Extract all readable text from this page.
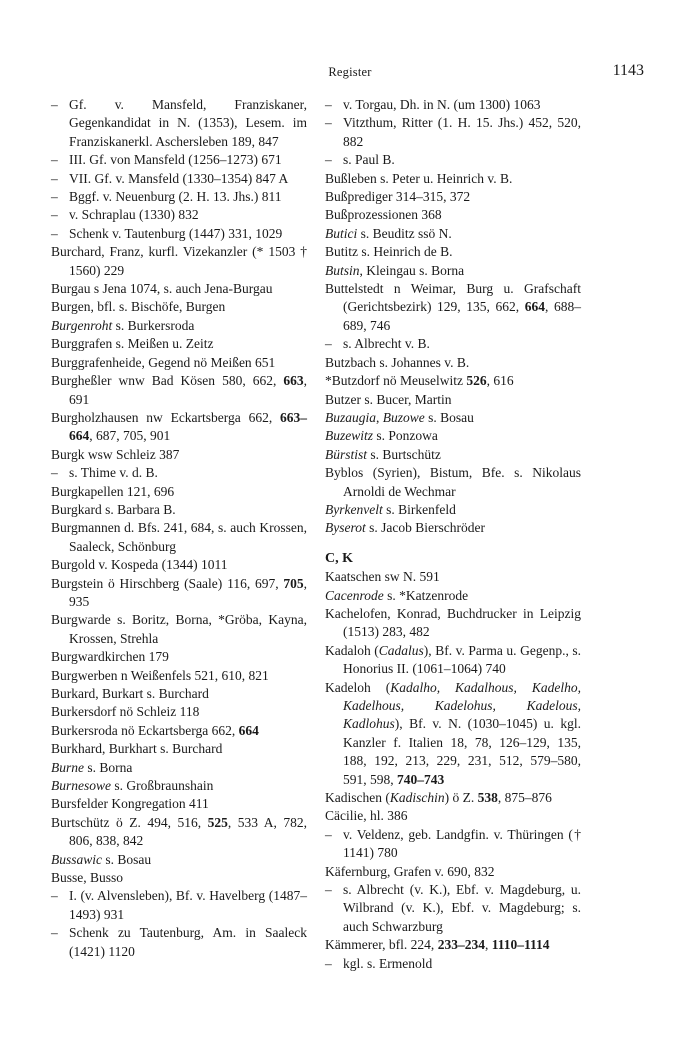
Register	1143
– Gf. v. Mansfeld, Franziskaner, Gegenkandidat in N. (1353), Lesem. im Franziskanerkl. Aschersleben 189, 847
– III. Gf. von Mansfeld (1256–1273) 671
– VII. Gf. v. Mansfeld (1330–1354) 847 A
– Bggf. v. Neuenburg (2. H. 13. Jhs.) 811
– v. Schraplau (1330) 832
– Schenk v. Tautenburg (1447) 331, 1029
Burchard, Franz, kurfl. Vizekanzler (* 1503 † 1560) 229
Burgau s Jena 1074, s. auch Jena-Burgau
Burgen, bfl. s. Bischöfe, Burgen
Burgenroht s. Burkersroda
Burggrafen s. Meißen u. Zeitz
Burggrafenheide, Gegend nö Meißen 651
Burgheßler wnw Bad Kösen 580, 662, 663, 691
Burgholzhausen nw Eckartsberga 662, 663–664, 687, 705, 901
Burgk wsw Schleiz 387
– s. Thime v. d. B.
Burgkapellen 121, 696
Burgkard s. Barbara B.
Burgmannen d. Bfs. 241, 684, s. auch Krossen, Saaleck, Schönburg
Burgold v. Kospeda (1344) 1011
Burgstein ö Hirschberg (Saale) 116, 697, 705, 935
Burgwarde s. Boritz, Borna, *Gröba, Kayna, Krossen, Strehla
Burgwardkirchen 179
Burgwerben n Weißenfels 521, 610, 821
Burkard, Burkart s. Burchard
Burkersdorf nö Schleiz 118
Burkersroda nö Eckartsberga 662, 664
Burkhard, Burkhart s. Burchard
Burne s. Borna
Burnesowe s. Großbraunshain
Bursfelder Kongregation 411
Burtschütz ö Z. 494, 516, 525, 533 A, 782, 806, 838, 842
Bussawic s. Bosau
Busse, Busso
– I. (v. Alvensleben), Bf. v. Havelberg (1487–1493) 931
– Schenk zu Tautenburg, Am. in Saaleck (1421) 1120
– v. Torgau, Dh. in N. (um 1300) 1063
– Vitzthum, Ritter (1. H. 15. Jhs.) 452, 520, 882
– s. Paul B.
Bußleben s. Peter u. Heinrich v. B.
Bußprediger 314–315, 372
Bußprozessionen 368
Butici s. Beuditz ssö N.
Butitz s. Heinrich de B.
Butsin, Kleingau s. Borna
Buttelstedt n Weimar, Burg u. Grafschaft (Gerichtsbezirk) 129, 135, 662, 664, 688–689, 746
– s. Albrecht v. B.
Butzbach s. Johannes v. B.
*Butzdorf nö Meuselwitz 526, 616
Butzer s. Bucer, Martin
Buzaugia, Buzowe s. Bosau
Buzewitz s. Ponzowa
Bürstist s. Burtschütz
Byblos (Syrien), Bistum, Bfe. s. Nikolaus Arnoldi de Wechmar
Byrkenvelt s. Birkenfeld
Byserot s. Jacob Bierschröder
C, K
Kaatschen sw N. 591
Cacenrode s. *Katzenrode
Kachelofen, Konrad, Buchdrucker in Leipzig (1513) 283, 482
Kadaloh (Cadalus), Bf. v. Parma u. Gegenp., s. Honorius II. (1061–1064) 740
Kadeloh (Kadalho, Kadalhous, Kadelho, Kadelhous, Kadelohus, Kadelous, Kadlohus), Bf. v. N. (1030–1045) u. kgl. Kanzler f. Italien 18, 78, 126–129, 135, 188, 192, 213, 229, 231, 512, 579–580, 591, 598, 740–743
Kadischen (Kadischin) ö Z. 538, 875–876
Cäcilie, hl. 386
– v. Veldenz, geb. Landgfin. v. Thüringen († 1141) 780
Käfernburg, Grafen v. 690, 832
– s. Albrecht (v. K.), Ebf. v. Magdeburg, u. Wilbrand (v. K.), Ebf. v. Magdeburg; s. auch Schwarzburg
Kämmerer, bfl. 224, 233–234, 1110–1114
– kgl. s. Ermenold
